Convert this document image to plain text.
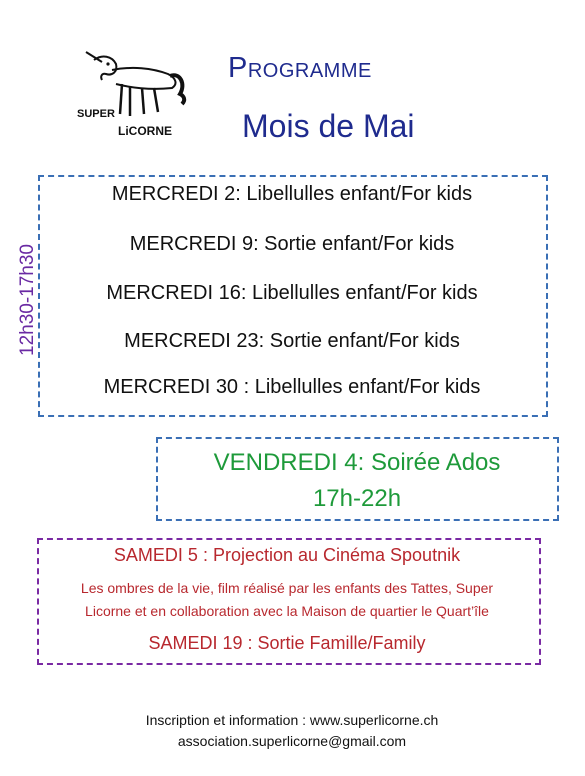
SUPER
LiCORNE
Programme
Mois de Mai
12h30-17h30
MERCREDI 2: Libellulles enfant/For kids
MERCREDI 9: Sortie enfant/For kids
MERCREDI 16: Libellulles enfant/For kids
MERCREDI 23: Sortie enfant/For kids
MERCREDI 30 : Libellulles enfant/For kids
VENDREDI 4: Soirée Ados
17h-22h
SAMEDI 5 : Projection au Cinéma Spoutnik
Les ombres de la vie, film réalisé par les enfants des Tattes, Super
Licorne et en collaboration avec la Maison de quartier le Quart’île
SAMEDI 19 : Sortie Famille/Family
Inscription et information : www.superlicorne.ch
association.superlicorne@gmail.com
